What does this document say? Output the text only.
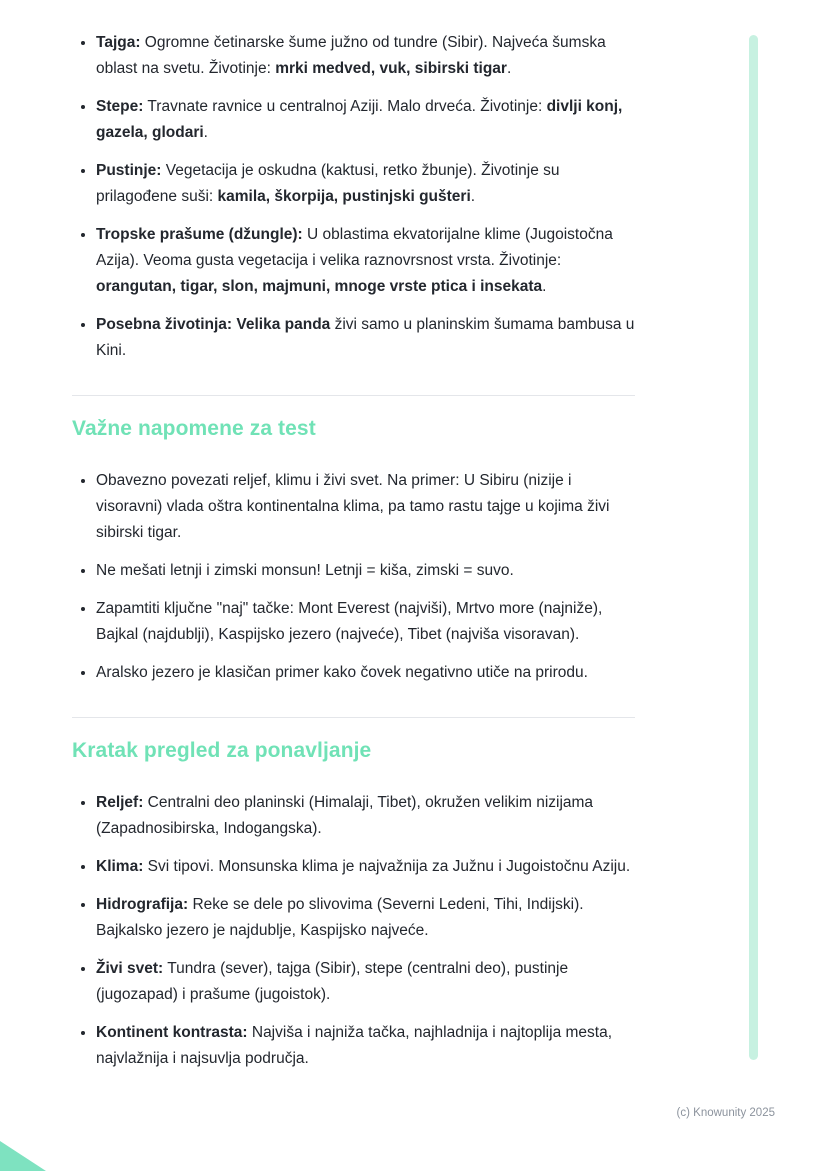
• Tajga: Ogromne četinarske šume južno od tundre (Sibir). Najveća šumska oblast na svetu. Životinje: mrki medved, vuk, sibirski tigar.
• Stepe: Travnate ravnice u centralnoj Aziji. Malo drveća. Životinje: divlji konj, gazela, glodari.
• Pustinje: Vegetacija je oskudna (kaktusi, retko žbunje). Životinje su prilagođene suši: kamila, škorpija, pustinjski gušteri.
• Tropske prašume (džungle): U oblastima ekvatorijalne klime (Jugoistočna Azija). Veoma gusta vegetacija i velika raznovrsnost vrsta. Životinje: orangutan, tigar, slon, majmuni, mnoge vrste ptica i insekata.
• Posebna životinja: Velika panda živi samo u planinskim šumama bambusa u Kini.
Važne napomene za test
• Obavezno povezati reljef, klimu i živi svet. Na primer: U Sibiru (nizije i visoravni) vlada oštra kontinentalna klima, pa tamo rastu tajge u kojima živi sibirski tigar.
• Ne mešati letnji i zimski monsun! Letnji = kiša, zimski = suvo.
• Zapamtiti ključne "naj" tačke: Mont Everest (najviši), Mrtvo more (najniže), Bajkal (najdublji), Kaspijsko jezero (najveće), Tibet (najviša visoravan).
• Aralsko jezero je klasičan primer kako čovek negativno utiče na prirodu.
Kratak pregled za ponavljanje
• Reljef: Centralni deo planinski (Himalaji, Tibet), okružen velikim nizijama (Zapadnosibirska, Indogangska).
• Klima: Svi tipovi. Monsunska klima je najvažnija za Južnu i Jugoistočnu Aziju.
• Hidrografija: Reke se dele po slivovima (Severni Ledeni, Tihi, Indijski). Bajkalsko jezero je najdublje, Kaspijsko najveće.
• Živi svet: Tundra (sever), tajga (Sibir), stepe (centralni deo), pustinje (jugozapad) i prašume (jugoistok).
• Kontinent kontrasta: Najviša i najniža tačka, najhladnija i najtoplija mesta, najvlažnija i najsuvlja područja.
(c) Knowunity 2025
